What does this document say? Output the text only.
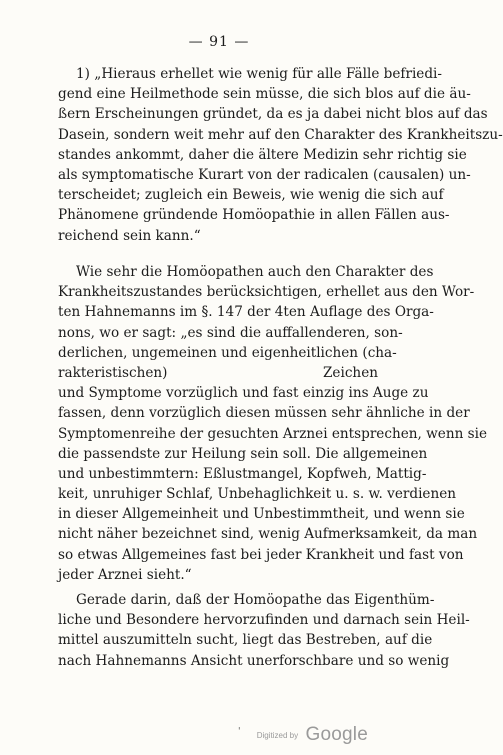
— 91 —
1) „Hieraus erhellet wie wenig für alle Fälle befriedi-
gend eine Heilmethode sein müsse, die sich blos auf die äu-
ßern Erscheinungen gründet, da es ja dabei nicht blos auf das
Dasein, sondern weit mehr auf den Charakter des Krankheitszu-
standes ankommt, daher die ältere Medizin sehr richtig sie
als symptomatische Kurart von der radicalen (causalen) un-
terscheidet; zugleich ein Beweis, wie wenig die sich auf
Phänomene gründende Homöopathie in allen Fällen aus-
reichend sein kann.“
Wie sehr die Homöopathen auch den Charakter des
Krankheitszustandes berücksichtigen, erhellet aus den Wor-
ten Hahnemanns im §. 147 der 4ten Auflage des Orga-
nons, wo er sagt: „es sind die auffallenderen, son-
derlichen, ungemeinen und eigenheitlichen (cha-
rakteristischen) Zeichen
und Symptome vorzüglich und fast einzig ins Auge zu
fassen, denn vorzüglich diesen müssen sehr ähnliche in der
Symptomenreihe der gesuchten Arznei entsprechen, wenn sie
die passendste zur Heilung sein soll. Die allgemeinen
und unbestimmtern: Eßlustmangel, Kopfweh, Mattig-
keit, unruhiger Schlaf, Unbehaglichkeit u. s. w. verdienen
in dieser Allgemeinheit und Unbestimmtheit, und wenn sie
nicht näher bezeichnet sind, wenig Aufmerksamkeit, da man
so etwas Allgemeines fast bei jeder Krankheit und fast von
jeder Arznei sieht.“
Gerade darin, daß der Homöopathe das Eigenthüm-
liche und Besondere hervorzufinden und darnach sein Heil-
mittel auszumitteln sucht, liegt das Bestreben, auf die
nach Hahnemanns Ansicht unerforschbare und so wenig
' Digitized by Google
